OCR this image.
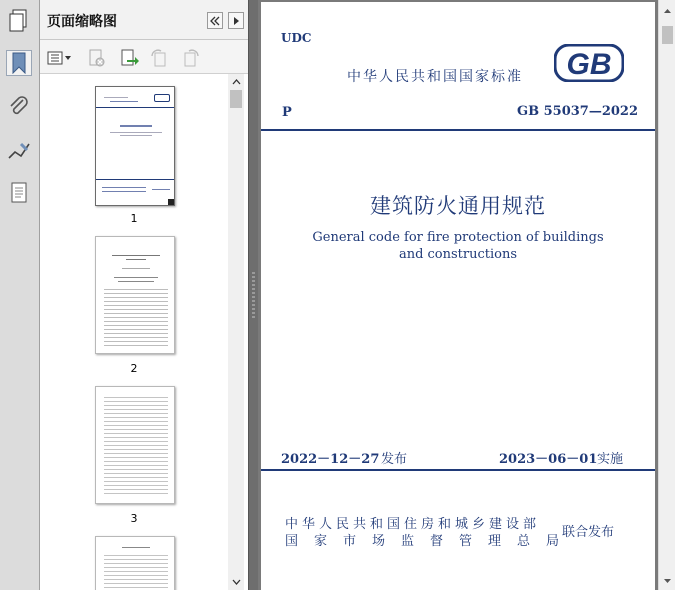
页面缩略图
1
2
3
UDC
中华人民共和国国家标准 GB
P	GB 55037—2022
建筑防火通用规范
General code for fire protection of buildings
and constructions
2022－12－27 发布	2023－06－01 实施
中华人民共和国住房和城乡建设部
国家市场监督管理总局
联合发布
